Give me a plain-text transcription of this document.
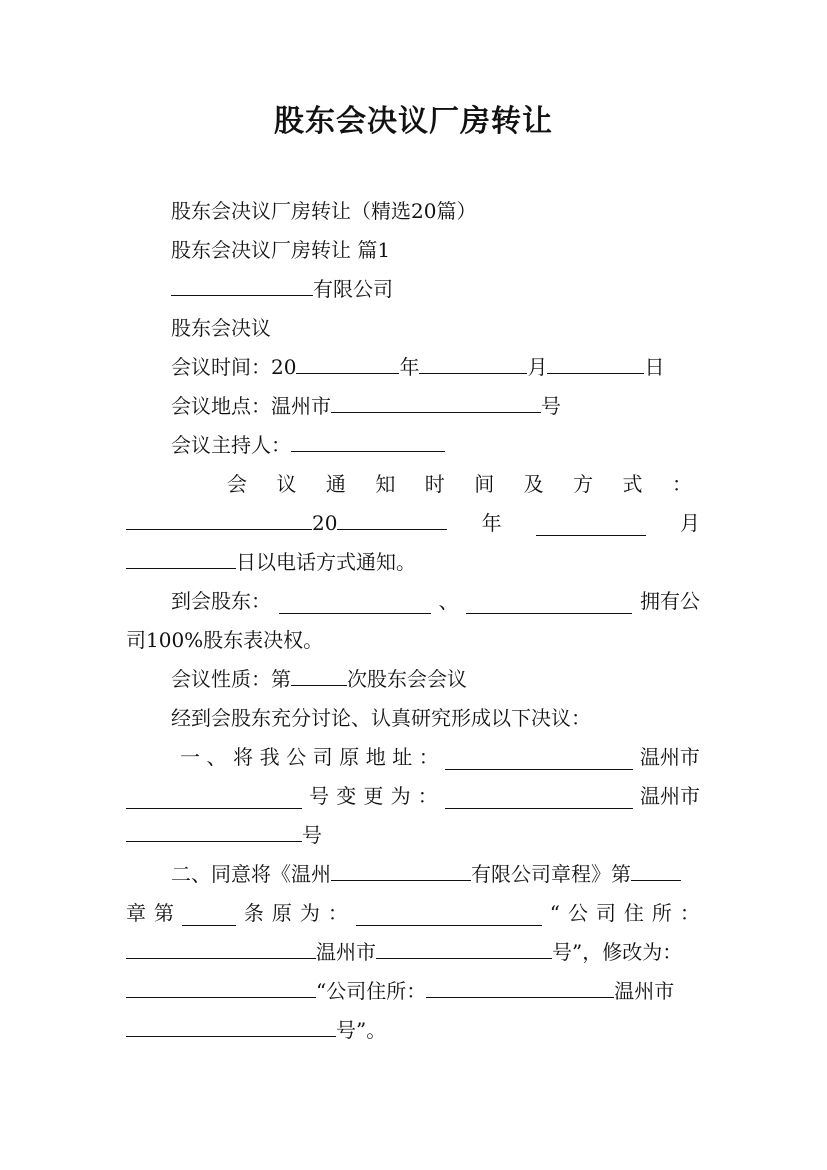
股东会决议厂房转让
股东会决议厂房转让（精选20篇）
股东会决议厂房转让 篇1
有限公司
股东会决议
会议时间：20	年	月	日
会议地点：温州市	号
会议主持人：
会 议 通 知 时 间 及 方 式 ：
20	年	月
日以电话方式通知。
到会股东：	、	拥有公
司100%股东表决权。
会议性质：第	次股东会会议
经到会股东充分讨论、认真研究形成以下决议：
一 、 将 我 公 司 原 地 址 ：	温州市
号 变 更 为 ：	温州市
号
二、同意将《温州	有限公司章程》第
章 第	条 原 为 ：	“ 公 司 住 所 ：
温州市	号”，修改为：
“公司住所：	温州市
号”。
